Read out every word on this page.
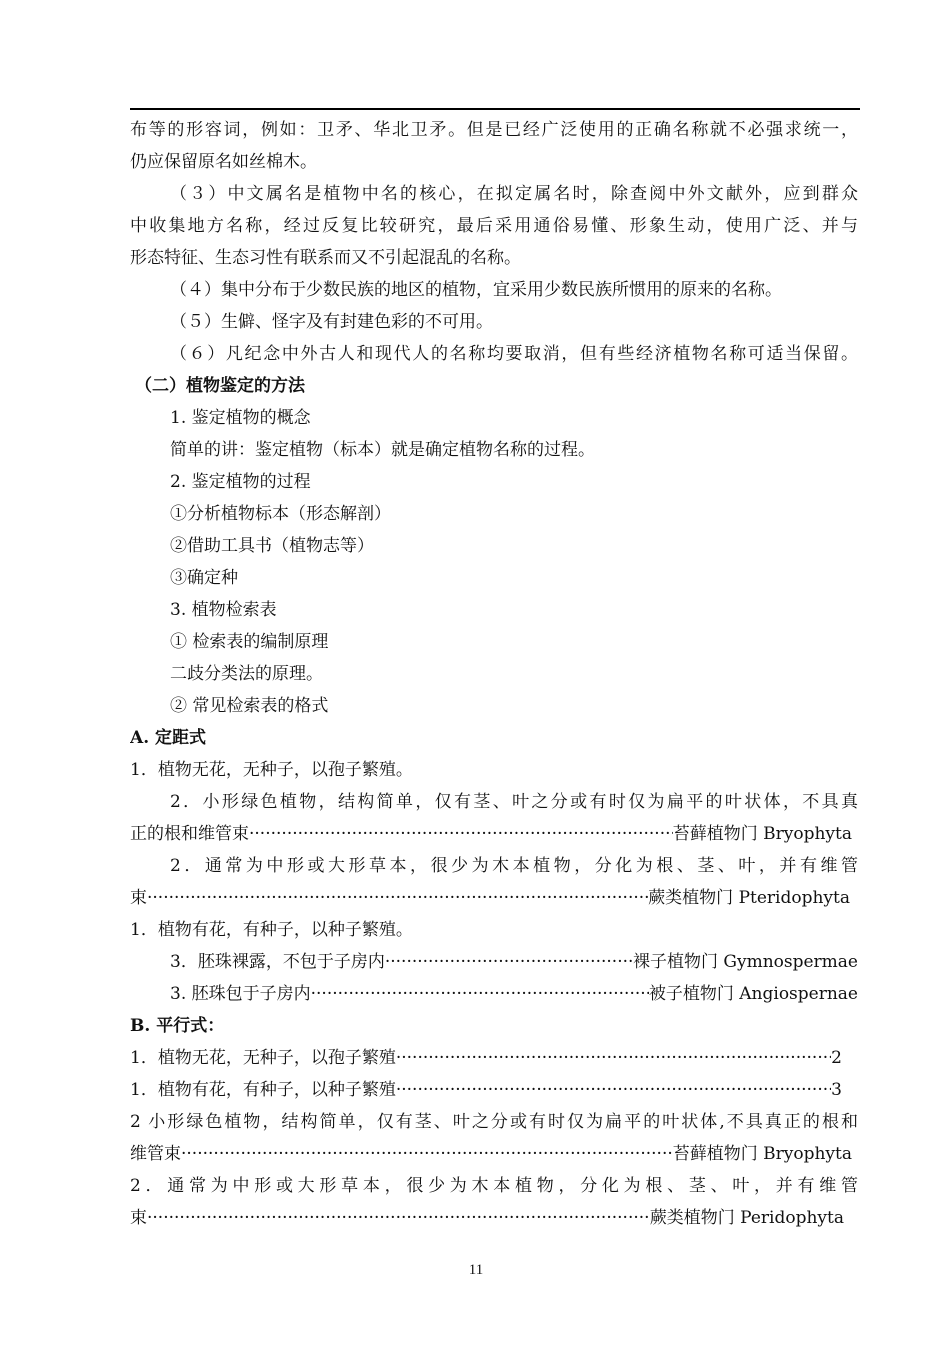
布等的形容词，例如：卫矛、华北卫矛。但是已经广泛使用的正确名称就不必强求统一，
仍应保留原名如丝棉木。
（３）中文属名是植物中名的核心，在拟定属名时，除查阅中外文献外，应到群众
中收集地方名称，经过反复比较研究，最后采用通俗易懂、形象生动，使用广泛、并与
形态特征、生态习性有联系而又不引起混乱的名称。
（４）集中分布于少数民族的地区的植物，宜采用少数民族所惯用的原来的名称。
（５）生僻、怪字及有封建色彩的不可用。
（６）凡纪念中外古人和现代人的名称均要取消，但有些经济植物名称可适当保留。
（二）植物鉴定的方法
1. 鉴定植物的概念
简单的讲：鉴定植物（标本）就是确定植物名称的过程。
2. 鉴定植物的过程
①分析植物标本（形态解剖）
②借助工具书（植物志等）
③确定种
3. 植物检索表
① 检索表的编制原理
二歧分类法的原理。
② 常见检索表的格式
A. 定距式
1．植物无花，无种子，以孢子繁殖。
2．小形绿色植物，结构简单，仅有茎、叶之分或有时仅为扁平的叶状体，不具真
正的根和维管束 ·····	苔藓植物门 Bryophyta
2．通常为中形或大形草本，很少为木本植物，分化为根、茎、叶，并有维管
束 ·····	蕨类植物门 Pteridophyta
1．植物有花，有种子，以种子繁殖。
3．胚珠裸露，不包于子房内 ·····	裸子植物门 Gymnospermae
3. 胚珠包于子房内 ·····	被子植物门 Angiospernae
B. 平行式：
1．植物无花，无种子，以孢子繁殖 ·····	2
1．植物有花，有种子，以种子繁殖 ·····	3
2 小形绿色植物，结构简单，仅有茎、叶之分或有时仅为扁平的叶状体,不具真正的根和
维管束 ·····	苔藓植物门 Bryophyta
2．通常为中形或大形草本，很少为木本植物，分化为根、茎、叶，并有维管
束 ·····	蕨类植物门 Peridophyta
11
